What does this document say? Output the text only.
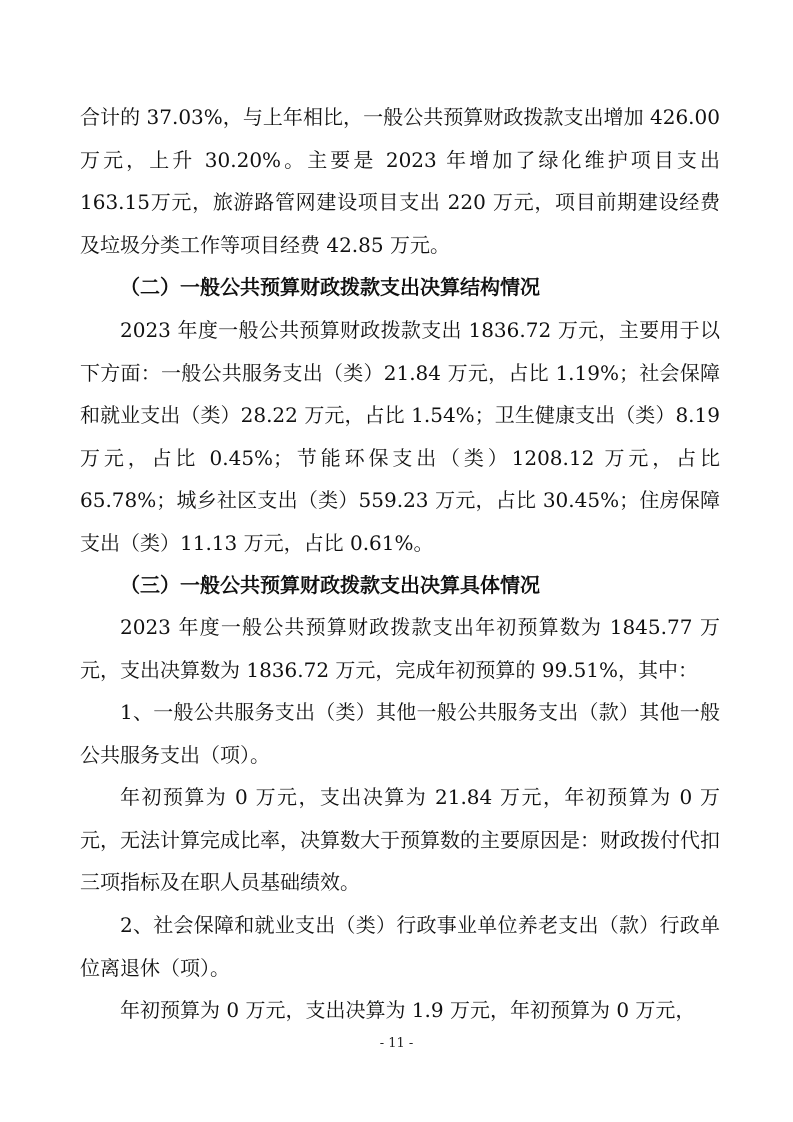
合计的 37.03%，与上年相比，一般公共预算财政拨款支出增加 426.00万元，上升 30.20%。主要是 2023 年增加了绿化维护项目支出 163.15万元，旅游路管网建设项目支出 220 万元，项目前期建设经费及垃圾分类工作等项目经费 42.85 万元。

（二）一般公共预算财政拨款支出决算结构情况

2023 年度一般公共预算财政拨款支出 1836.72 万元，主要用于以下方面：一般公共服务支出（类）21.84 万元，占比 1.19%；社会保障和就业支出（类）28.22 万元，占比 1.54%；卫生健康支出（类）8.19万元，占比 0.45%；节能环保支出（类）1208.12 万元，占比 65.78%；城乡社区支出（类）559.23 万元，占比 30.45%；住房保障支出（类）11.13 万元，占比 0.61%。

（三）一般公共预算财政拨款支出决算具体情况

2023 年度一般公共预算财政拨款支出年初预算数为 1845.77 万元，支出决算数为 1836.72 万元，完成年初预算的 99.51%，其中：

1、一般公共服务支出（类）其他一般公共服务支出（款）其他一般公共服务支出（项）。

年初预算为 0 万元，支出决算为 21.84 万元，年初预算为 0 万元，无法计算完成比率，决算数大于预算数的主要原因是：财政拨付代扣三项指标及在职人员基础绩效。

2、社会保障和就业支出（类）行政事业单位养老支出（款）行政单位离退休（项）。

年初预算为 0 万元，支出决算为 1.9 万元，年初预算为 0 万元，

- 11 -
